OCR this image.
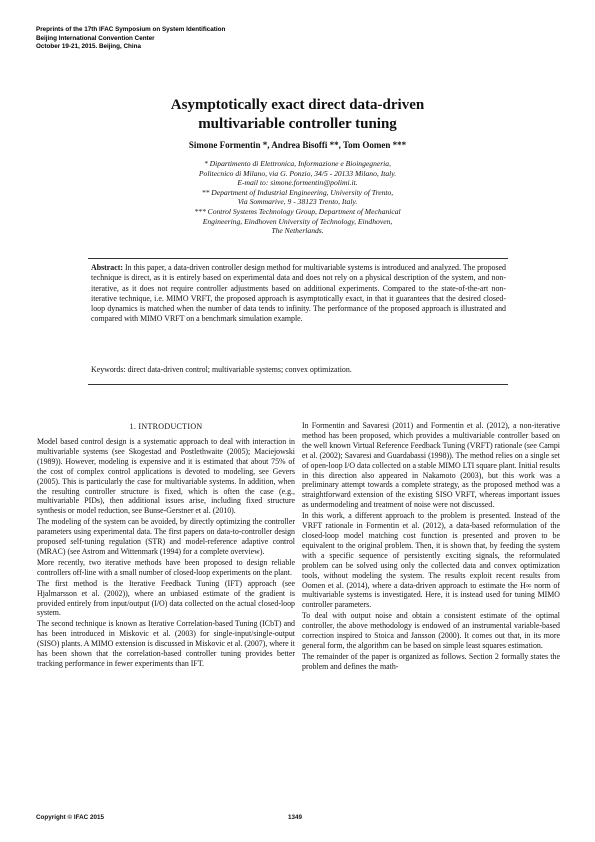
Preprints of the 17th IFAC Symposium on System Identification
Beijing International Convention Center
October 19-21, 2015. Beijing, China
Asymptotically exact direct data-driven
multivariable controller tuning
Simone Formentin *, Andrea Bisoffi **, Tom Oomen ***
* Dipartimento di Elettronica, Informazione e Bioingegneria,
Politecnico di Milano, via G. Ponzio, 34/5 - 20133 Milano, Italy.
E-mail to: simone.formentin@polimi.it.
** Department of Industrial Engineering, University of Trento,
Via Sommarive, 9 - 38123 Trento, Italy.
*** Control Systems Technology Group, Department of Mechanical
Engineering, Eindhoven University of Technology, Eindhoven,
The Netherlands.
Abstract: In this paper, a data-driven controller design method for multivariable systems is introduced and analyzed. The proposed technique is direct, as it is entirely based on experimental data and does not rely on a physical description of the system, and non-iterative, as it does not require controller adjustments based on additional experiments. Compared to the state-of-the-art non-iterative technique, i.e. MIMO VRFT, the proposed approach is asymptotically exact, in that it guarantees that the desired closed-loop dynamics is matched when the number of data tends to infinity. The performance of the proposed approach is illustrated and compared with MIMO VRFT on a benchmark simulation example.
Keywords: direct data-driven control; multivariable systems; convex optimization.
1. INTRODUCTION

Model based control design is a systematic approach to deal with interaction in multivariable systems (see Skogestad and Postlethwaite (2005); Maciejowski (1989)). However, modeling is expensive and it is estimated that about 75% of the cost of complex control applications is devoted to modeling, see Gevers (2005). This is particularly the case for multivariable systems. In addition, when the resulting controller structure is fixed, which is often the case (e.g., multivariable PIDs), then additional issues arise, including fixed structure synthesis or model reduction, see Bunse-Gerstner et al. (2010).

The modeling of the system can be avoided, by directly optimizing the controller parameters using experimental data. The first papers on data-to-controller design proposed self-tuning regulation (STR) and model-reference adaptive control (MRAC) (see Astrom and Wittenmark (1994) for a complete overview).

More recently, two iterative methods have been proposed to design reliable controllers off-line with a small number of closed-loop experiments on the plant.

The first method is the Iterative Feedback Tuning (IFT) approach (see Hjalmarsson et al. (2002)), where an unbiased estimate of the gradient is provided entirely from input/output (I/O) data collected on the actual closed-loop system.

The second technique is known as Iterative Correlation-based Tuning (ICbT) and has been introduced in Miskovic et al. (2003) for single-input/single-output (SISO) plants. A MIMO extension is discussed in Miskovic et al. (2007), where it has been shown that the correlation-based controller tuning provides better tracking performance in fewer experiments than IFT.

In Formentin and Savaresi (2011) and Formentin et al. (2012), a non-iterative method has been proposed, which provides a multivariable controller based on the well known Virtual Reference Feedback Tuning (VRFT) rationale (see Campi et al. (2002); Savaresi and Guardabassi (1998)). The method relies on a single set of open-loop I/O data collected on a stable MIMO LTI square plant. Initial results in this direction also appeared in Nakamoto (2003), but this work was a preliminary attempt towards a complete strategy, as the proposed method was a straightforward extension of the existing SISO VRFT, whereas important issues as undermodeling and treatment of noise were not discussed.

In this work, a different approach to the problem is presented. Instead of the VRFT rationale in Formentin et al. (2012), a data-based reformulation of the closed-loop model matching cost function is presented and proven to be equivalent to the original problem. Then, it is shown that, by feeding the system with a specific sequence of persistently exciting signals, the reformulated problem can be solved using only the collected data and convex optimization tools, without modeling the system. The results exploit recent results from Oomen et al. (2014), where a data-driven approach to estimate the H∞ norm of multivariable systems is investigated. Here, it is instead used for tuning MIMO controller parameters.

To deal with output noise and obtain a consistent estimate of the optimal controller, the above methodology is endowed of an instrumental variable-based correction inspired to Stoica and Jansson (2000). It comes out that, in its more general form, the algorithm can be based on simple least squares estimation.

The remainder of the paper is organized as follows. Section 2 formally states the problem and defines the math-

Copyright © IFAC 2015	1349
